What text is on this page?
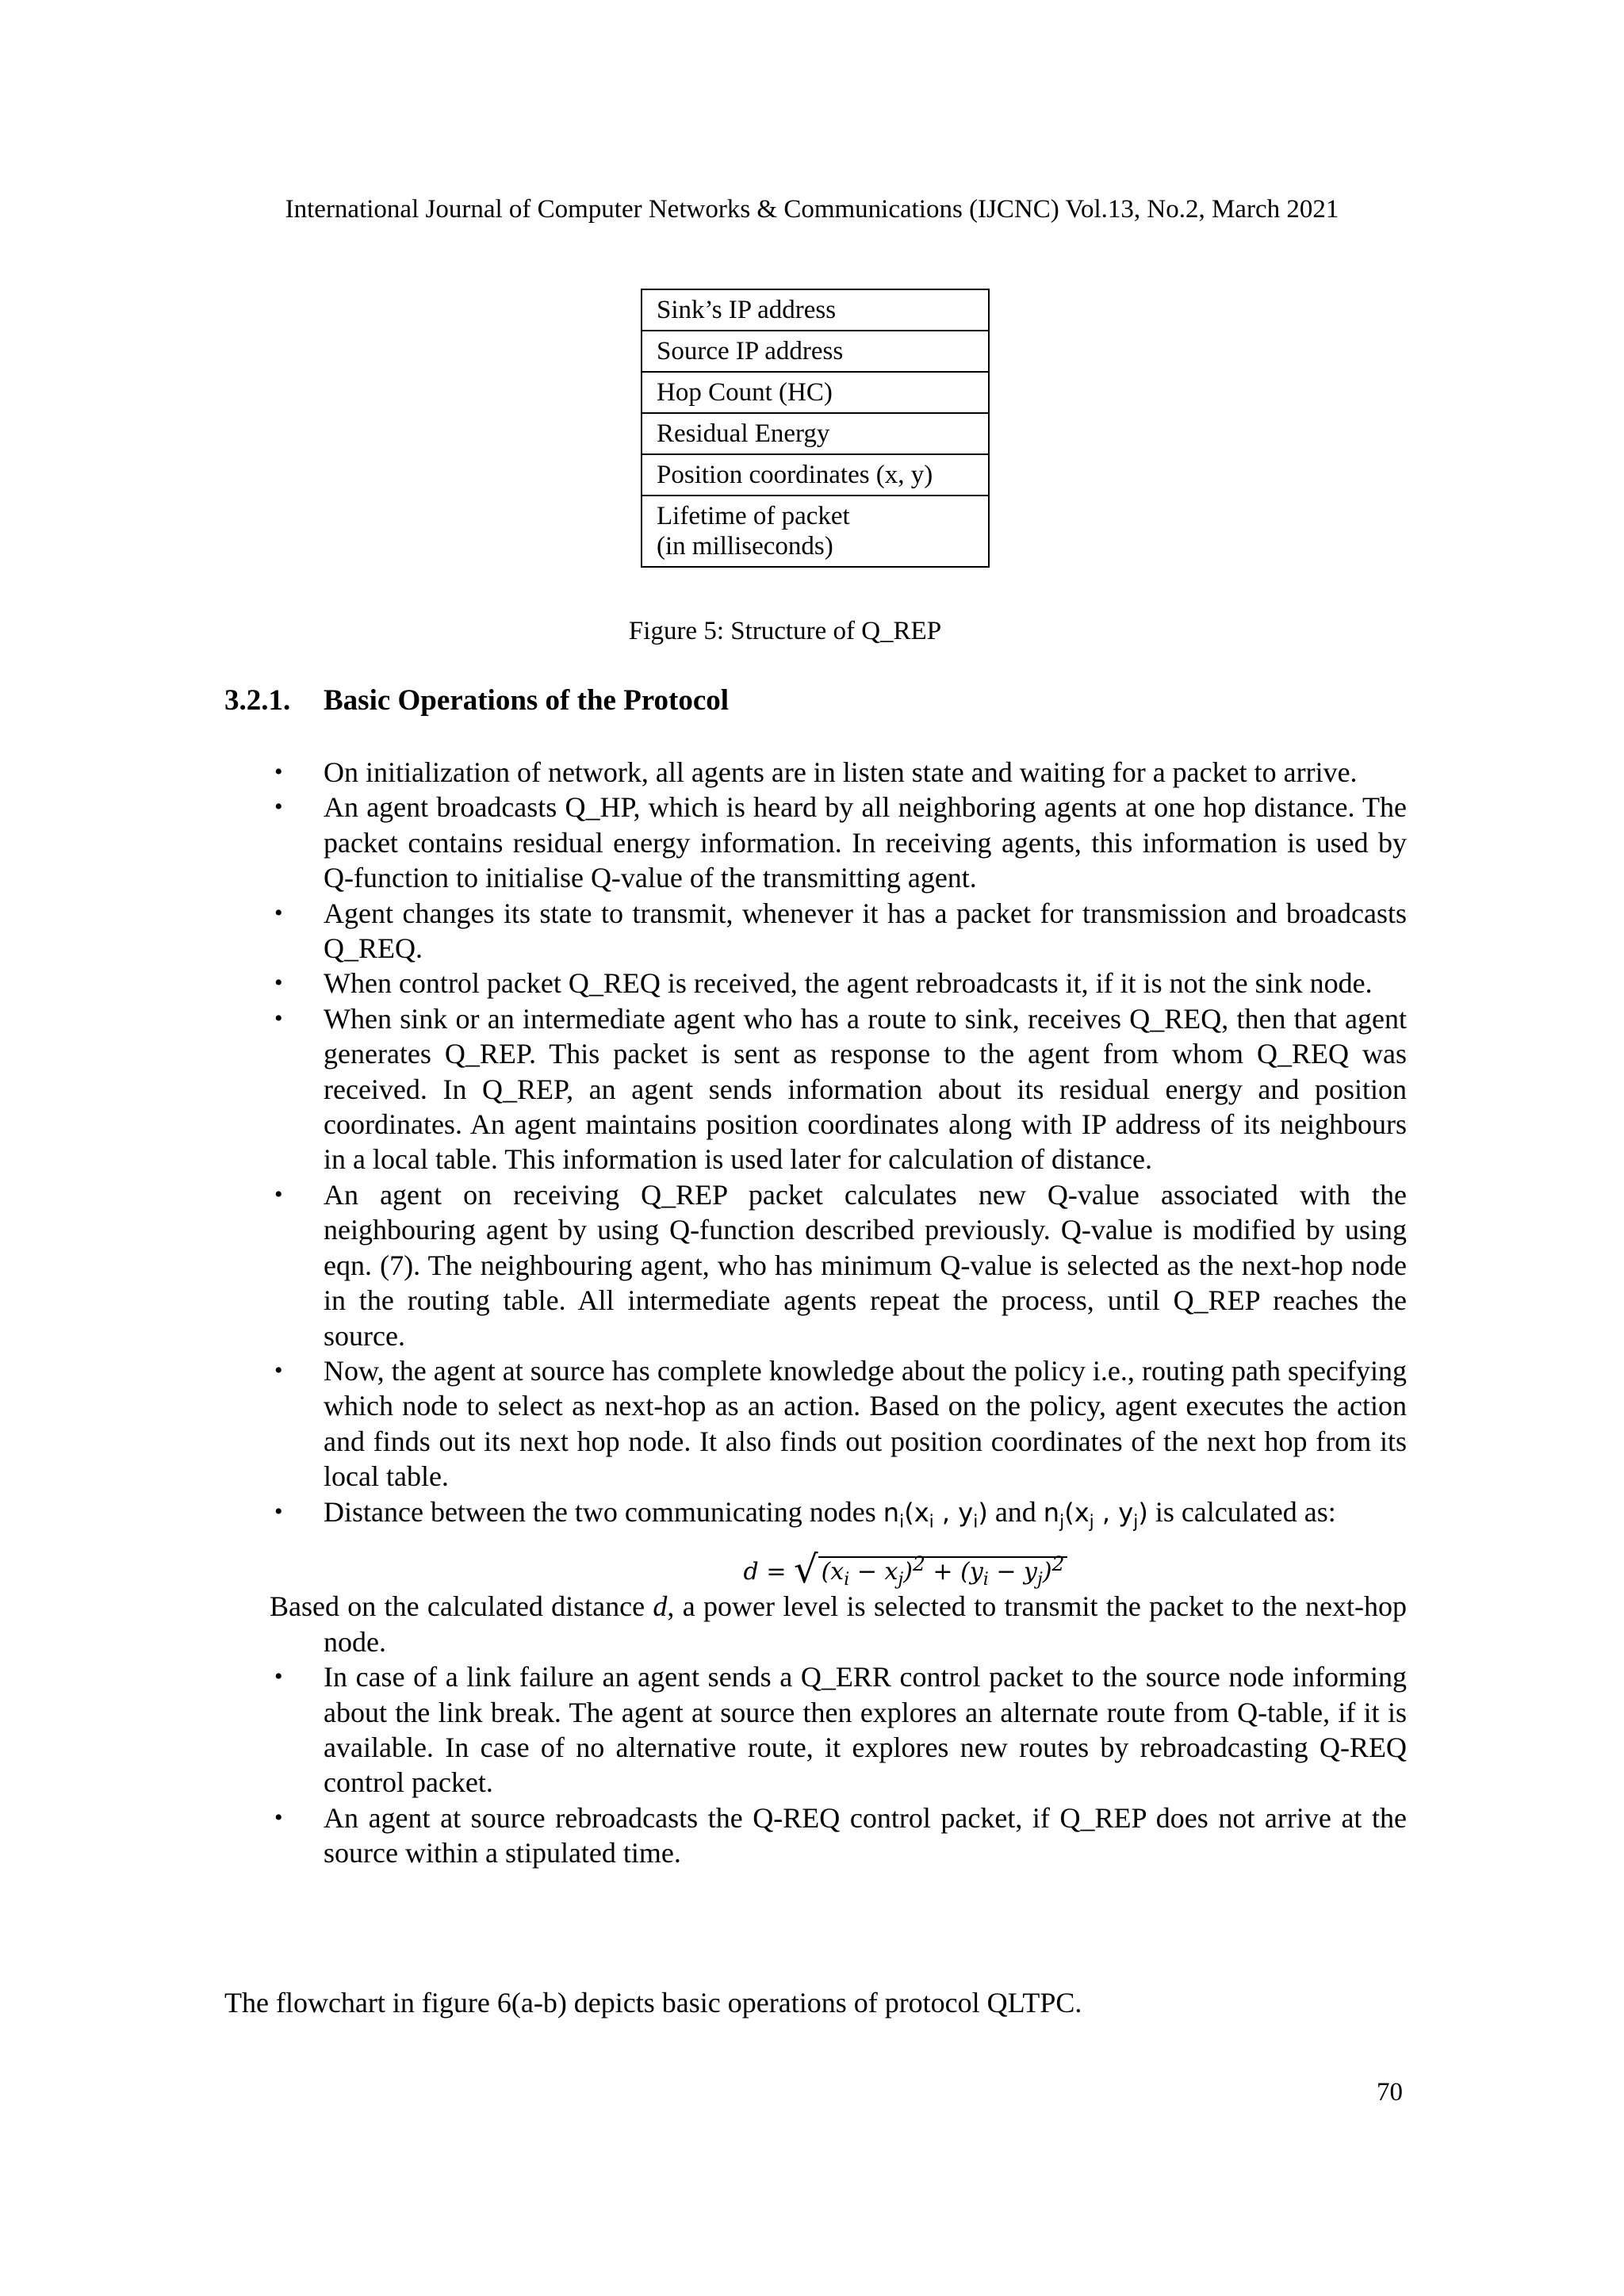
International Journal of Computer Networks & Communications (IJCNC) Vol.13, No.2, March 2021
Sink’s IP address
Source IP address
Hop Count (HC)
Residual Energy
Position coordinates (x, y)

Lifetime of packet
(in milliseconds)
Figure 5: Structure of Q_REP
3.2.1. Basic Operations of the Protocol
• On initialization of network, all agents are in listen state and waiting for a packet to arrive.
• An agent broadcasts Q_HP, which is heard by all neighboring agents at one hop distance. The packet contains residual energy information. In receiving agents, this information is used by Q-function to initialise Q-value of the transmitting agent.
• Agent changes its state to transmit, whenever it has a packet for transmission and broadcasts Q_REQ.
• When control packet Q_REQ is received, the agent rebroadcasts it, if it is not the sink node.
• When sink or an intermediate agent who has a route to sink, receives Q_REQ, then that agent generates Q_REP. This packet is sent as response to the agent from whom Q_REQ was received. In Q_REP, an agent sends information about its residual energy and position coordinates. An agent maintains position coordinates along with IP address of its neighbours in a local table. This information is used later for calculation of distance.
• An agent on receiving Q_REP packet calculates new Q-value associated with the neighbouring agent by using Q-function described previously. Q-value is modified by using eqn. (7). The neighbouring agent, who has minimum Q-value is selected as the next-hop node in the routing table. All intermediate agents repeat the process, until Q_REP reaches the source.
• Now, the agent at source has complete knowledge about the policy i.e., routing path specifying which node to select as next-hop as an action. Based on the policy, agent executes the action and finds out its next hop node. It also finds out position coordinates of the next hop from its local table.
• Distance between the two communicating nodes $n_i(x_i$ , $y_i$) and $n_j(x_j$ , $y_j$) is calculated as:
d = √ $(x_i - x_j)^2 + (y_i - y_j)^2$
Based on the calculated distance d, a power level is selected to transmit the packet to the next-hop node.
• In case of a link failure an agent sends a Q_ERR control packet to the source node informing about the link break. The agent at source then explores an alternate route from Q-table, if it is available. In case of no alternative route, it explores new routes by rebroadcasting Q-REQ control packet.
• An agent at source rebroadcasts the Q-REQ control packet, if Q_REP does not arrive at the source within a stipulated time.
The flowchart in figure 6(a-b) depicts basic operations of protocol QLTPC.
70
